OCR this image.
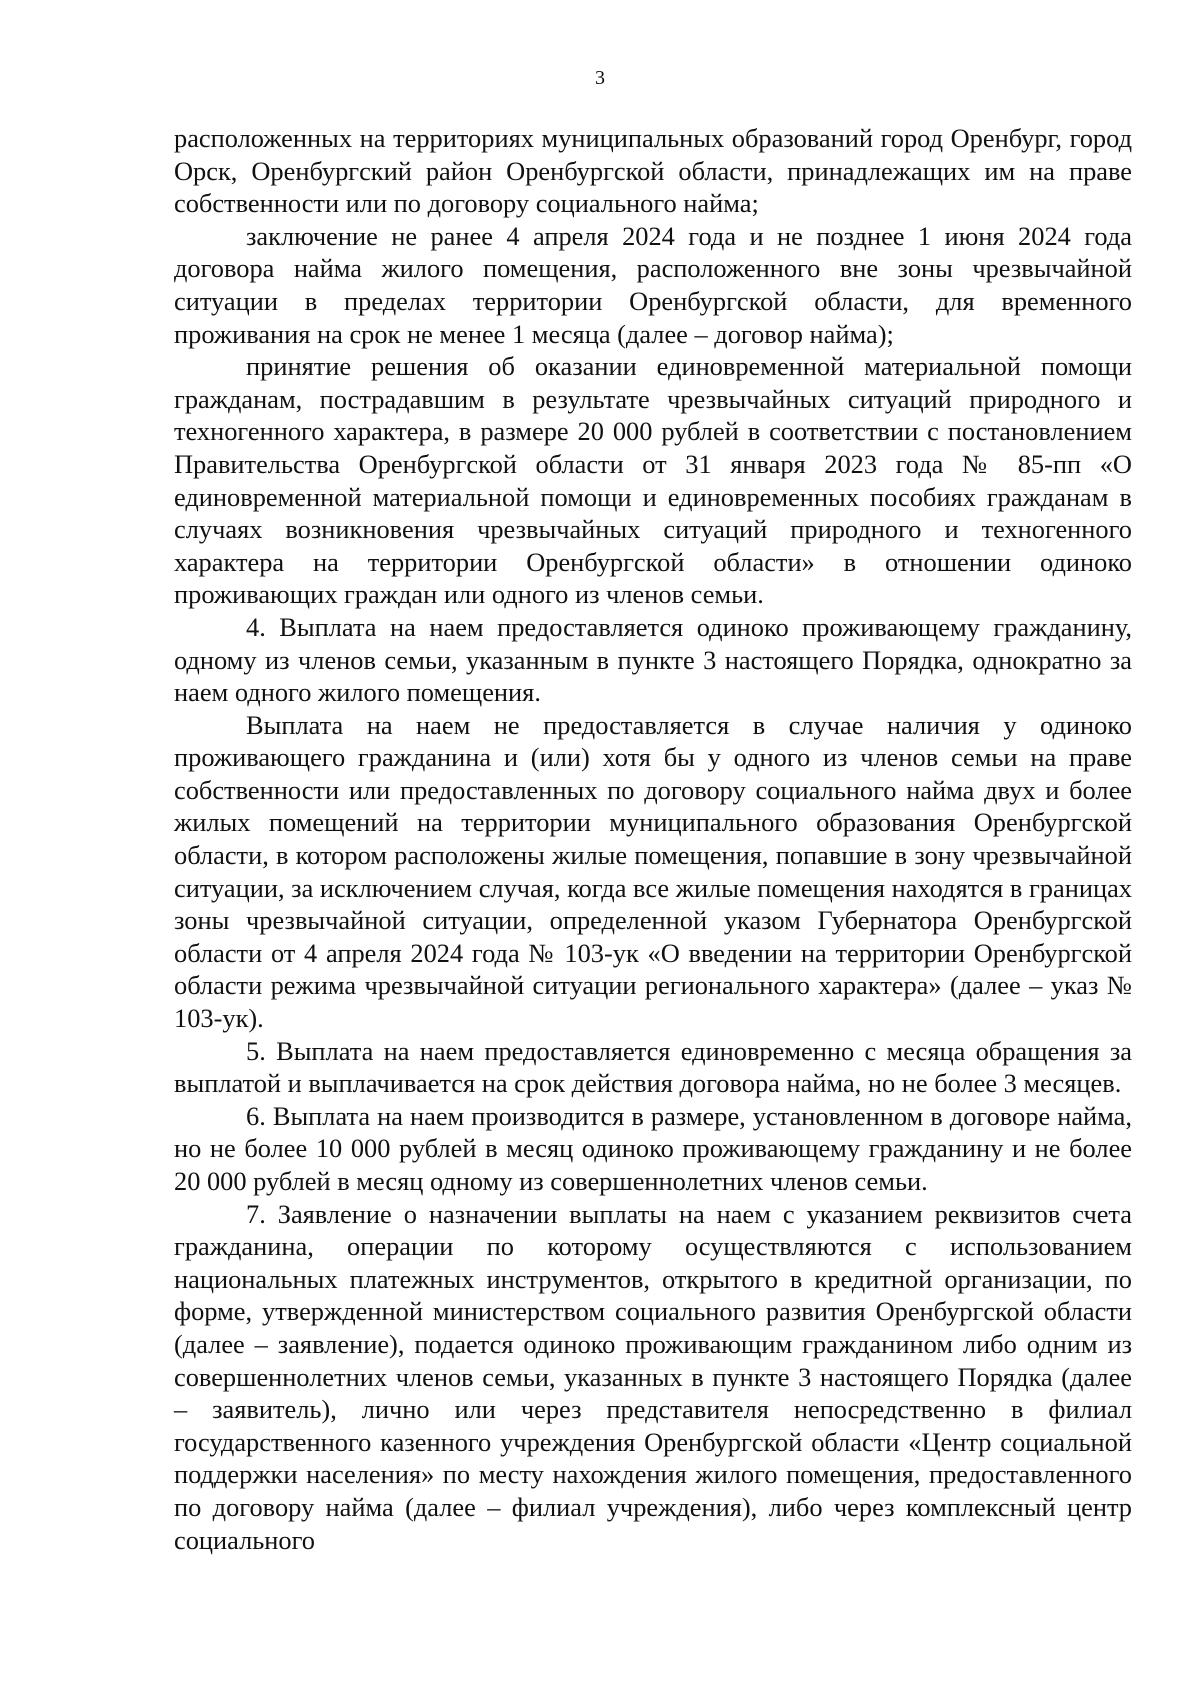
3

расположенных на территориях муниципальных образований город Оренбург, город Орск, Оренбургский район Оренбургской области, принадлежащих им на праве собственности или по договору социального найма;

заключение не ранее 4 апреля 2024 года и не позднее 1 июня 2024 года договора найма жилого помещения, расположенного вне зоны чрезвычайной ситуации в пределах территории Оренбургской области, для временного проживания на срок не менее 1 месяца (далее – договор найма);

принятие решения об оказании единовременной материальной помощи гражданам, пострадавшим в результате чрезвычайных ситуаций природного и техногенного характера, в размере 20 000 рублей в соответствии с постановлением Правительства Оренбургской области от 31 января 2023 года № 85-пп «О единовременной материальной помощи и единовременных пособиях гражданам в случаях возникновения чрезвычайных ситуаций природного и техногенного характера на территории Оренбургской области» в отношении одиноко проживающих граждан или одного из членов семьи.

4. Выплата на наем предоставляется одиноко проживающему гражданину, одному из членов семьи, указанным в пункте 3 настоящего Порядка, однократно за наем одного жилого помещения.

Выплата на наем не предоставляется в случае наличия у одиноко проживающего гражданина и (или) хотя бы у одного из членов семьи на праве собственности или предоставленных по договору социального найма двух и более жилых помещений на территории муниципального образования Оренбургской области, в котором расположены жилые помещения, попавшие в зону чрезвычайной ситуации, за исключением случая, когда все жилые помещения находятся в границах зоны чрезвычайной ситуации, определенной указом Губернатора Оренбургской области от 4 апреля 2024 года № 103-ук «О введении на территории Оренбургской области режима чрезвычайной ситуации регионального характера» (далее – указ № 103-ук).

5. Выплата на наем предоставляется единовременно с месяца обращения за выплатой и выплачивается на срок действия договора найма, но не более 3 месяцев.

6. Выплата на наем производится в размере, установленном в договоре найма, но не более 10 000 рублей в месяц одиноко проживающему гражданину и не более 20 000 рублей в месяц одному из совершеннолетних членов семьи.

7. Заявление о назначении выплаты на наем с указанием реквизитов счета гражданина, операции по которому осуществляются с использованием национальных платежных инструментов, открытого в кредитной организации, по форме, утвержденной министерством социального развития Оренбургской области (далее – заявление), подается одиноко проживающим гражданином либо одним из совершеннолетних членов семьи, указанных в пункте 3 настоящего Порядка (далее – заявитель), лично или через представителя непосредственно в филиал государственного казенного учреждения Оренбургской области «Центр социальной поддержки населения» по месту нахождения жилого помещения, предоставленного по договору найма (далее – филиал учреждения), либо через комплексный центр социального
